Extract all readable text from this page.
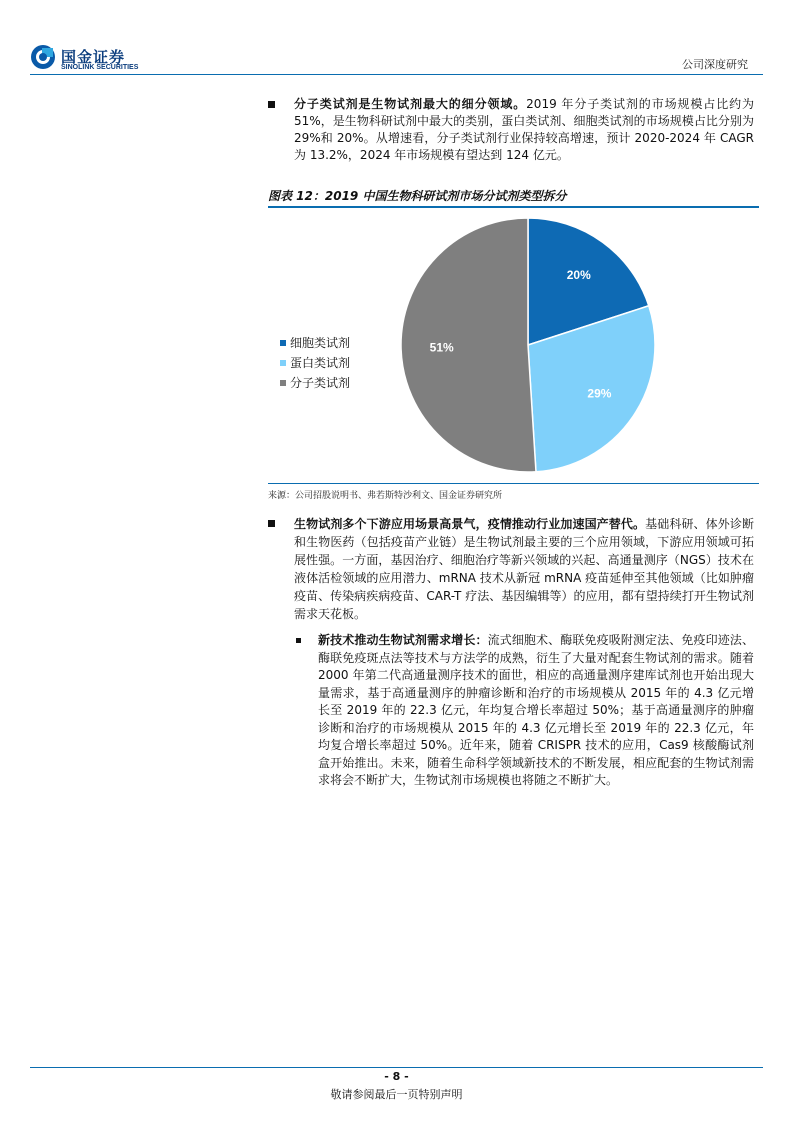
国金证券
SINOLINK SECURITIES	公司深度研究
分子类试剂是生物试剂最大的细分领域。2019 年分子类试剂的市场规模占比约为 51%，是生物科研试剂中最大的类别，蛋白类试剂、细胞类试剂的市场规模占比分别为 29%和 20%。从增速看，分子类试剂行业保持较高增速，预计 2020-2024 年 CAGR 为 13.2%，2024 年市场规模有望达到 124 亿元。
图表 12：2019 中国生物科研试剂市场分试剂类型拆分
细胞类试剂
蛋白类试剂
分子类试剂
20%
29%
51%
来源：公司招股说明书、弗若斯特沙利文、国金证券研究所
生物试剂多个下游应用场景高景气，疫情推动行业加速国产替代。基础科研、体外诊断和生物医药（包括疫苗产业链）是生物试剂最主要的三个应用领域，下游应用领域可拓展性强。一方面，基因治疗、细胞治疗等新兴领域的兴起、高通量测序（NGS）技术在液体活检领域的应用潜力、mRNA 技术从新冠 mRNA 疫苗延伸至其他领域（比如肿瘤疫苗、传染病疾病疫苗、CAR-T 疗法、基因编辑等）的应用，都有望持续打开生物试剂需求天花板。
新技术推动生物试剂需求增长：流式细胞术、酶联免疫吸附测定法、免疫印迹法、酶联免疫斑点法等技术与方法学的成熟，衍生了大量对配套生物试剂的需求。随着 2000 年第二代高通量测序技术的面世，相应的高通量测序建库试剂也开始出现大量需求，基于高通量测序的肿瘤诊断和治疗的市场规模从 2015 年的 4.3 亿元增长至 2019 年的 22.3 亿元，年均复合增长率超过 50%；基于高通量测序的肿瘤诊断和治疗的市场规模从 2015 年的 4.3 亿元增长至 2019 年的 22.3 亿元，年均复合增长率超过 50%。近年来，随着 CRISPR 技术的应用，Cas9 核酸酶试剂盒开始推出。未来，随着生命科学领域新技术的不断发展，相应配套的生物试剂需求将会不断扩大，生物试剂市场规模也将随之不断扩大。
- 8 -
敬请参阅最后一页特别声明
